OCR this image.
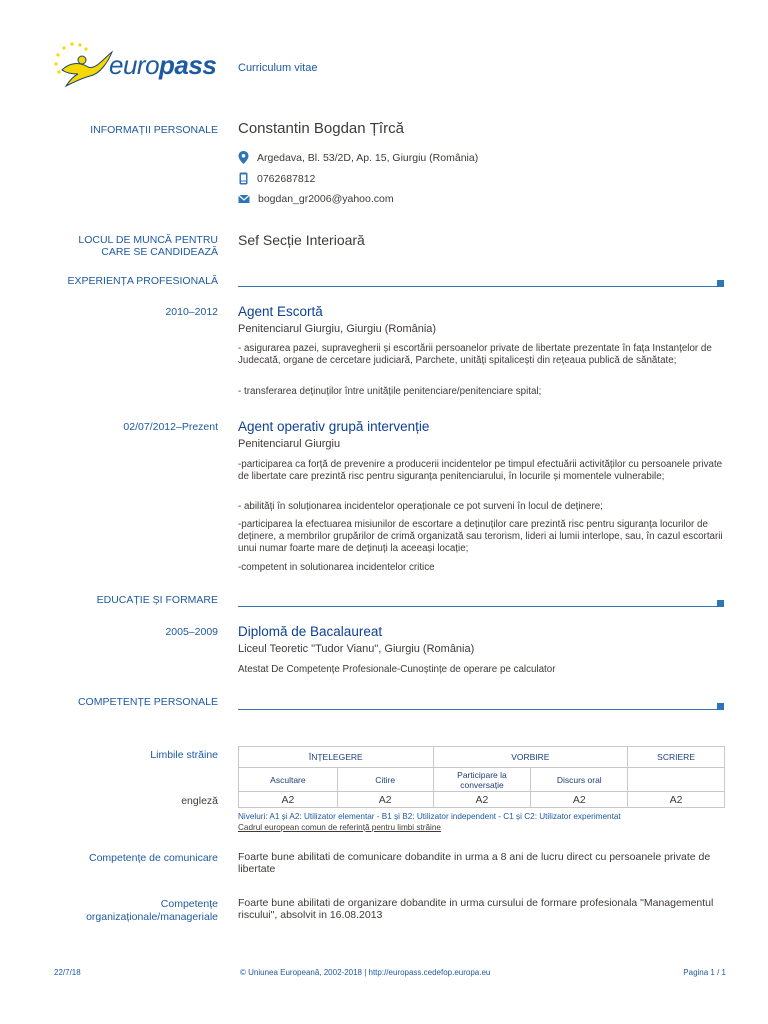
europass Curriculum vitae
INFORMAȚII PERSONALE Constantin Bogdan Țîrcă
Argedava, Bl. 53/2D, Ap. 15, Giurgiu (România)
0762687812
bogdan_gr2006@yahoo.com
LOCUL DE MUNCĂ PENTRU CARE SE CANDIDEAZĂ
Sef Secție Interioară
EXPERIENȚA PROFESIONALĂ
2010–2012 Agent Escortă
Penitenciarul Giurgiu, Giurgiu (România)
- asigurarea pazei, supravegherii și escortării persoanelor private de libertate prezentate în fața Instanțelor de Judecată, organe de cercetare judiciară, Parchete, unități spitalicești din rețeaua publică de sănătate;
- transferarea deținuților între unitățile penitenciare/penitenciare spital;
02/07/2012–Prezent Agent operativ grupă intervenție
Penitenciarul Giurgiu
-participarea ca forță de prevenire a producerii incidentelor pe timpul efectuării activităților cu persoanele private de libertate care prezintă risc pentru siguranța penitenciarului, în locurile și momentele vulnerabile;
- abilități în soluționarea incidentelor operaționale ce pot surveni în locul de deținere;
-participarea la efectuarea misiunilor de escortare a deținuților care prezintă risc pentru siguranța locurilor de deținere, a membrilor grupărilor de crimă organizată sau terorism, lideri ai lumii interlope, sau, în cazul escortarii unui numar foarte mare de deținuți la aceeași locație;
-competent in solutionarea incidentelor critice
EDUCAȚIE ȘI FORMARE
2005–2009 Diplomă de Bacalaureat
Liceul Teoretic "Tudor Vianu", Giurgiu (România)
Atestat De Competențe Profesionale-Cunoștințe de operare pe calculator
COMPETENȚE PERSONALE
Limbile străine
engleză
ÎNȚELEGERE		VORBIRE		SCRIERE
Ascultare	Citire	Participare la conversație	Discurs oral	
A2	A2	A2	A2	A2
Niveluri: A1 și A2: Utilizator elementar - B1 și B2: Utilizator independent - C1 și C2: Utilizator experimentat
Cadrul european comun de referință pentru limbi străine
Competențe de comunicare Foarte bune abilitati de comunicare dobandite in urma a 8 ani de lucru direct cu persoanele private de libertate
Competențe organizaționale/manageriale
Foarte bune abilitati de organizare dobandite in urma cursului de formare profesionala "Managementul riscului", absolvit in 16.08.2013
22/7/18	© Uniunea Europeană, 2002-2018 | http://europass.cedefop.europa.eu	Pagina 1 / 1
